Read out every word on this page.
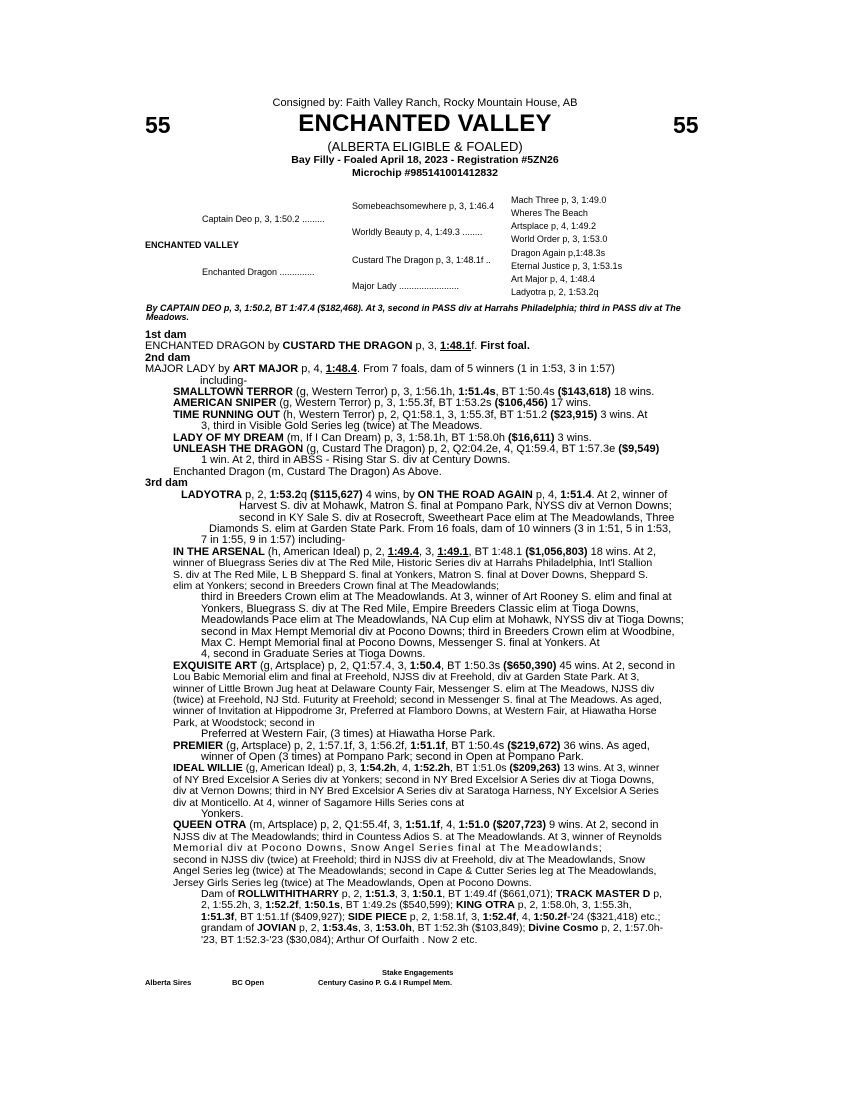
Consigned by: Faith Valley Ranch, Rocky Mountain House, AB
55	55
ENCHANTED VALLEY
(ALBERTA ELIGIBLE & FOALED)
Bay Filly - Foaled April 18, 2023 - Registration #5ZN26
Microchip #985141001412832
ENCHANTED VALLEY
Captain Deo p, 3, 1:50.2 .........
Enchanted Dragon ..............
Somebeachsomewhere p, 3, 1:46.4
Worldly Beauty p, 4, 1:49.3 ........
Custard The Dragon p, 3, 1:48.1f ..
Major Lady ........................
Mach Three p, 3, 1:49.0
Wheres The Beach
Artsplace p, 4, 1:49.2
World Order p, 3, 1:53.0
Dragon Again p,1:48.3s
Eternal Justice p, 3, 1:53.1s
Art Major p, 4, 1:48.4
Ladyotra p, 2, 1:53.2q
By CAPTAIN DEO p, 3, 1:50.2, BT 1:47.4 ($182,468). At 3, second in PASS div at Harrahs Philadelphia; third in PASS div at The Meadows.

1st dam

ENCHANTED DRAGON by CUSTARD THE DRAGON p, 3, 1:48.1f. First foal.

2nd dam

MAJOR LADY by ART MAJOR p, 4, 1:48.4. From 7 foals, dam of 5 winners (1 in 1:53, 3 in 1:57)

including-

SMALLTOWN TERROR (g, Western Terror) p, 3, 1:56.1h, 1:51.4s, BT 1:50.4s ($143,618) 18 wins.

AMERICAN SNIPER (g, Western Terror) p, 3, 1:55.3f, BT 1:53.2s ($106,456) 17 wins.

TIME RUNNING OUT (h, Western Terror) p, 2, Q1:58.1, 3, 1:55.3f, BT 1:51.2 ($23,915) 3 wins. At

3, third in Visible Gold Series leg (twice) at The Meadows.

LADY OF MY DREAM (m, If I Can Dream) p, 3, 1:58.1h, BT 1:58.0h ($16,611) 3 wins.

UNLEASH THE DRAGON (g, Custard The Dragon) p, 2, Q2:04.2e, 4, Q1:59.4, BT 1:57.3e ($9,549)

1 win. At 2, third in ABSS - Rising Star S. div at Century Downs.

Enchanted Dragon (m, Custard The Dragon) As Above.

3rd dam

LADYOTRA p, 2, 1:53.2q ($115,627) 4 wins, by ON THE ROAD AGAIN p, 4, 1:51.4. At 2, winner of

Harvest S. div at Mohawk, Matron S. final at Pompano Park, NYSS div at Vernon Downs;

second in KY Sale S. div at Rosecroft, Sweetheart Pace elim at The Meadowlands, Three

Diamonds S. elim at Garden State Park. From 16 foals, dam of 10 winners (3 in 1:51, 5 in 1:53,

7 in 1:55, 9 in 1:57) including-

IN THE ARSENAL (h, American Ideal) p, 2, 1:49.4, 3, 1:49.1, BT 1:48.1 ($1,056,803) 18 wins. At 2,

winner of Bluegrass Series div at The Red Mile, Historic Series div at Harrahs Philadelphia, Int'l Stallion

S. div at The Red Mile, L B Sheppard S. final at Yonkers, Matron S. final at Dover Downs, Sheppard S.

elim at Yonkers; second in Breeders Crown final at The Meadowlands;

third in Breeders Crown elim at The Meadowlands. At 3, winner of Art Rooney S. elim and final at

Yonkers, Bluegrass S. div at The Red Mile, Empire Breeders Classic elim at Tioga Downs,

Meadowlands Pace elim at The Meadowlands, NA Cup elim at Mohawk, NYSS div at Tioga Downs;

second in Max Hempt Memorial div at Pocono Downs; third in Breeders Crown elim at Woodbine,

Max C. Hempt Memorial final at Pocono Downs, Messenger S. final at Yonkers. At

4, second in Graduate Series at Tioga Downs.

EXQUISITE ART (g, Artsplace) p, 2, Q1:57.4, 3, 1:50.4, BT 1:50.3s ($650,390) 45 wins. At 2, second in

Lou Babic Memorial elim and final at Freehold, NJSS div at Freehold, div at Garden State Park. At 3,

winner of Little Brown Jug heat at Delaware County Fair, Messenger S. elim at The Meadows, NJSS div

(twice) at Freehold, NJ Std. Futurity at Freehold; second in Messenger S. final at The Meadows. As aged,

winner of Invitation at Hippodrome 3r, Preferred at Flamboro Downs, at Western Fair, at Hiawatha Horse

Park, at Woodstock; second in

Preferred at Western Fair, (3 times) at Hiawatha Horse Park.

PREMIER (g, Artsplace) p, 2, 1:57.1f, 3, 1:56.2f, 1:51.1f, BT 1:50.4s ($219,672) 36 wins. As aged,

winner of Open (3 times) at Pompano Park; second in Open at Pompano Park.

IDEAL WILLIE (g, American Ideal) p, 3, 1:54.2h, 4, 1:52.2h, BT 1:51.0s ($209,263) 13 wins. At 3, winner

of NY Bred Excelsior A Series div at Yonkers; second in NY Bred Excelsior A Series div at Tioga Downs,

div at Vernon Downs; third in NY Bred Excelsior A Series div at Saratoga Harness, NY Excelsior A Series

div at Monticello. At 4, winner of Sagamore Hills Series cons at

Yonkers.

QUEEN OTRA (m, Artsplace) p, 2, Q1:55.4f, 3, 1:51.1f, 4, 1:51.0 ($207,723) 9 wins. At 2, second in

NJSS div at The Meadowlands; third in Countess Adios S. at The Meadowlands. At 3, winner of Reynolds

Memorial div at Pocono Downs, Snow Angel Series final at The Meadowlands;

second in NJSS div (twice) at Freehold; third in NJSS div at Freehold, div at The Meadowlands, Snow

Angel Series leg (twice) at The Meadowlands; second in Cape & Cutter Series leg at The Meadowlands,

Jersey Girls Series leg (twice) at The Meadowlands, Open at Pocono Downs.

Dam of ROLLWITHITHARRY p, 2, 1:51.3, 3, 1:50.1, BT 1:49.4f ($661,071); TRACK MASTER D p,

2, 1:55.2h, 3, 1:52.2f, 1:50.1s, BT 1:49.2s ($540,599); KING OTRA p, 2, 1:58.0h, 3, 1:55.3h,

1:51.3f, BT 1:51.1f ($409,927); SIDE PIECE p, 2, 1:58.1f, 3, 1:52.4f, 4, 1:50.2f-'24 ($321,418) etc.;

grandam of JOVIAN p, 2, 1:53.4s, 3, 1:53.0h, BT 1:52.3h ($103,849); Divine Cosmo p, 2, 1:57.0h-

'23, BT 1:52.3-'23 ($30,084); Arthur Of Ourfaith . Now 2 etc.

Stake Engagements
Alberta Sires	BC Open	Century Casino P. G.& I Rumpel Mem.
